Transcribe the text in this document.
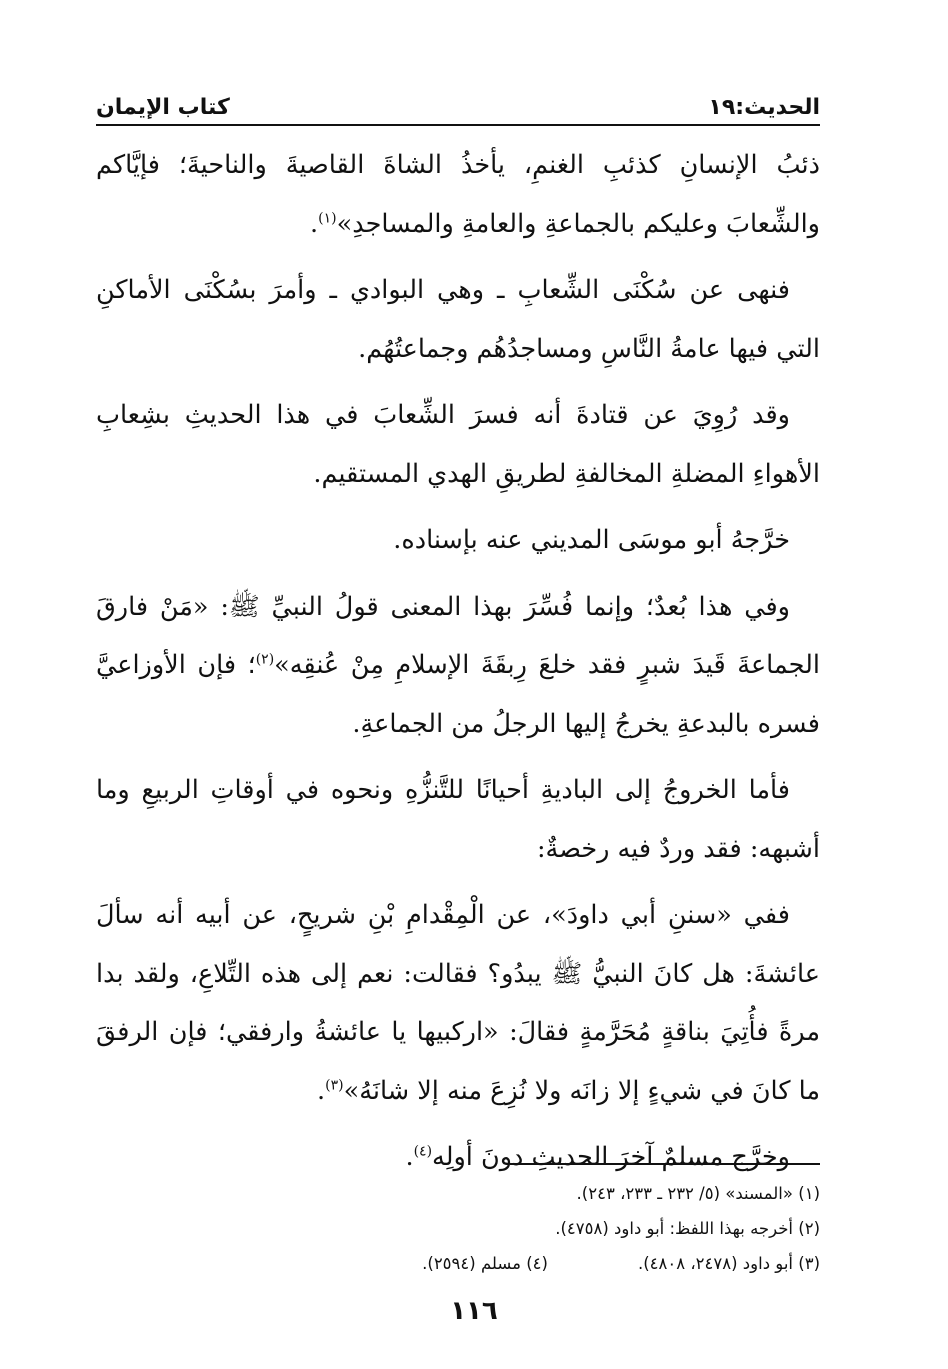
الحديث:١٩
كتاب الإيمان

ذئبُ الإنسانِ كذئبِ الغنمِ، يأخذُ الشاةَ القاصيةَ والناحيةَ؛ فإيَّاكم والشِّعابَ وعليكم بالجماعةِ والعامةِ والمساجدِ»$^{(١)}$.

فنهى عن سُكْنَى الشِّعابِ ـ وهي البوادي ـ وأمرَ بسُكْنَى الأماكنِ التي فيها عامةُ النَّاسِ ومساجدُهُم وجماعتُهُم.

وقد رُوِيَ عن قتادةَ أنه فسرَ الشِّعابَ في هذا الحديثِ بشِعابِ الأهواءِ المضلةِ المخالفةِ لطريقِ الهدي المستقيم.

خرَّجهُ أبو موسَى المديني عنه بإسناده.

وفي هذا بُعدٌ؛ وإنما فُسِّرَ بهذا المعنى قولُ النبيِّ ﷺ: «مَنْ فارقَ الجماعةَ قَيدَ شبرٍ فقد خلعَ رِبقَةَ الإسلامِ مِنْ عُنقِه»$^{(٢)}$؛ فإن الأوزاعيَّ فسره بالبدعةِ يخرجُ إليها الرجلُ من الجماعةِ.

فأما الخروجُ إلى الباديةِ أحيانًا للتَّنزُّهِ ونحوه في أوقاتِ الربيعِ وما أشبهه: فقد وردٌ فيه رخصةٌ:

ففي «سننِ أبي داودَ»، عن الْمِقْدامِ بْنِ شريحٍ، عن أبيه أنه سألَ عائشةَ: هل كانَ النبيُّ ﷺ يبدُو؟ فقالت: نعم إلى هذه التِّلاعِ، ولقد بدا مرةً فأُتِيَ بناقةٍ مُحَرَّمةٍ فقالَ: «اركبيها يا عائشةُ وارفقي؛ فإن الرفقَ ما كانَ في شيءٍ إلا زانَه ولا نُزِعَ منه إلا شانَهُ»$^{(٣)}$.

وخرَّج مسلمٌ آخرَ الحديثِ دونَ أولِه$^{(٤)}$.

(١) «المسند» (٥/ ٢٣٢ ـ ٢٣٣، ٢٤٣).
(٢) أخرجه بهذا اللفظ: أبو داود (٤٧٥٨).
(٣) أبو داود (٢٤٧٨، ٤٨٠٨).
(٤) مسلم (٢٥٩٤).
١١٦
